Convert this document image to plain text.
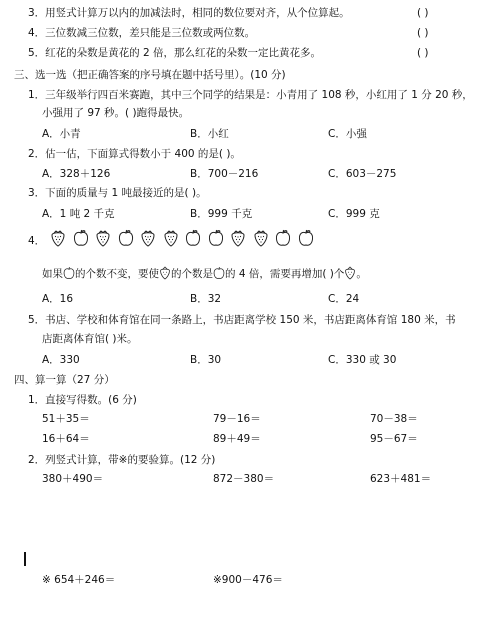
3．用竖式计算万以内的加减法时，相同的数位要对齐，从个位算起。	( )
4．三位数减三位数，差只能是三位数或两位数。	( )
5．红花的朵数是黄花的 2 倍，那么红花的朵数一定比黄花多。	( )
三、选一选（把正确答案的序号填在题中括号里）。(10 分)
1．三年级举行四百米赛跑，其中三个同学的结果是：小青用了 108 秒，小红用了 1 分 20 秒，
小强用了 97 秒。( )跑得最快。
A．小青	B．小红	C．小强
2．估一估，下面算式得数小于 400 的是( )。
A．328＋126	B．700－216	C．603－275
3．下面的质量与 1 吨最接近的是( )。
A．1 吨 2 千克	B．999 千克	C．999 克
4．
如果 的个数不变，要使 的个数是 的 4 倍，需要再增加( )个 。
A．16	B．32	C．24
5．书店、学校和体育馆在同一条路上，书店距离学校 150 米，书店距离体育馆 180 米，书
店距离体育馆( )米。
A．330	B．30	C．330 或 30
四、算一算（27 分）
1．直接写得数。(6 分)
51＋35＝	79－16＝	70－38＝
16＋64＝	89＋49＝	95－67＝
2．列竖式计算，带※的要验算。(12 分)
380＋490＝	872－380＝	623＋481＝
※ 654＋246＝	※900－476＝
